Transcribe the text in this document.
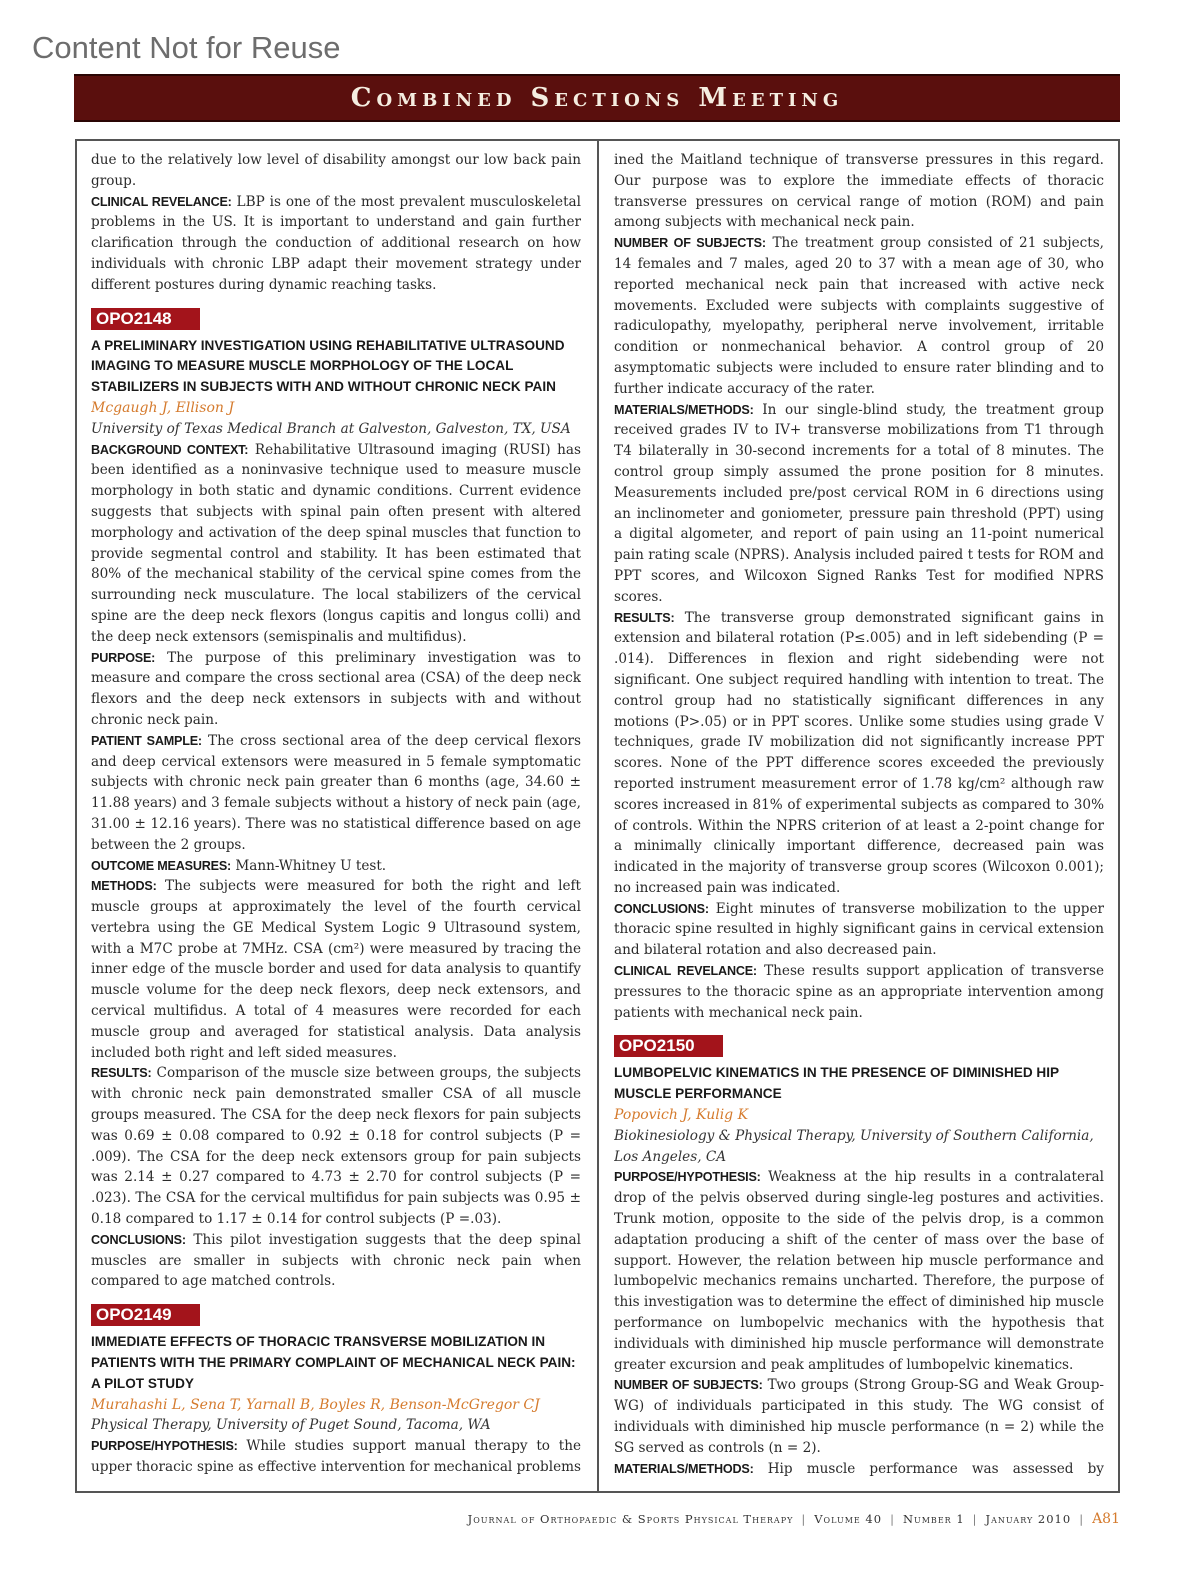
Content Not for Reuse
Combined Sections Meeting

due to the relatively low level of disability amongst our low back pain group.

CLINICAL REVELANCE: LBP is one of the most prevalent musculoskeletal problems in the US. It is important to understand and gain further clarification through the conduction of additional research on how individuals with chronic LBP adapt their movement strategy under different postures during dynamic reaching tasks.

OPO2148

A PRELIMINARY INVESTIGATION USING REHABILITATIVE ULTRASOUND IMAGING TO MEASURE MUSCLE MORPHOLOGY OF THE LOCAL STABILIZERS IN SUBJECTS WITH AND WITHOUT CHRONIC NECK PAIN

Mcgaugh J, Ellison J

University of Texas Medical Branch at Galveston, Galveston, TX, USA

BACKGROUND CONTEXT: Rehabilitative Ultrasound imaging (RUSI) has been identified as a noninvasive technique used to measure muscle morphology in both static and dynamic conditions. Current evidence suggests that subjects with spinal pain often present with altered morphology and activation of the deep spinal muscles that function to provide segmental control and stability. It has been estimated that 80% of the mechanical stability of the cervical spine comes from the surrounding neck musculature. The local stabilizers of the cervical spine are the deep neck flexors (longus capitis and longus colli) and the deep neck extensors (semispinalis and multifidus).

PURPOSE: The purpose of this preliminary investigation was to measure and compare the cross sectional area (CSA) of the deep neck flexors and the deep neck extensors in subjects with and without chronic neck pain.

PATIENT SAMPLE: The cross sectional area of the deep cervical flexors and deep cervical extensors were measured in 5 female symptomatic subjects with chronic neck pain greater than 6 months (age, 34.60 ± 11.88 years) and 3 female subjects without a history of neck pain (age, 31.00 ± 12.16 years). There was no statistical difference based on age between the 2 groups.

OUTCOME MEASURES: Mann-Whitney U test.

METHODS: The subjects were measured for both the right and left muscle groups at approximately the level of the fourth cervical vertebra using the GE Medical System Logic 9 Ultrasound system, with a M7C probe at 7MHz. CSA (cm²) were measured by tracing the inner edge of the muscle border and used for data analysis to quantify muscle volume for the deep neck flexors, deep neck extensors, and cervical multifidus. A total of 4 measures were recorded for each muscle group and averaged for statistical analysis. Data analysis included both right and left sided measures.

RESULTS: Comparison of the muscle size between groups, the subjects with chronic neck pain demonstrated smaller CSA of all muscle groups measured. The CSA for the deep neck flexors for pain subjects was 0.69 ± 0.08 compared to 0.92 ± 0.18 for control subjects (P = .009). The CSA for the deep neck extensors group for pain subjects was 2.14 ± 0.27 compared to 4.73 ± 2.70 for control subjects (P = .023). The CSA for the cervical multifidus for pain subjects was 0.95 ± 0.18 compared to 1.17 ± 0.14 for control subjects (P =.03).

CONCLUSIONS: This pilot investigation suggests that the deep spinal muscles are smaller in subjects with chronic neck pain when compared to age matched controls.

OPO2149

IMMEDIATE EFFECTS OF THORACIC TRANSVERSE MOBILIZATION IN PATIENTS WITH THE PRIMARY COMPLAINT OF MECHANICAL NECK PAIN: A PILOT STUDY

Murahashi L, Sena T, Yarnall B, Boyles R, Benson-McGregor CJ

Physical Therapy, University of Puget Sound, Tacoma, WA

PURPOSE/HYPOTHESIS: While studies support manual therapy to the upper thoracic spine as effective intervention for mechanical problems

ined the Maitland technique of transverse pressures in this regard. Our purpose was to explore the immediate effects of thoracic transverse pressures on cervical range of motion (ROM) and pain among subjects with mechanical neck pain.

NUMBER OF SUBJECTS: The treatment group consisted of 21 subjects, 14 females and 7 males, aged 20 to 37 with a mean age of 30, who reported mechanical neck pain that increased with active neck movements. Excluded were subjects with complaints suggestive of radiculopathy, myelopathy, peripheral nerve involvement, irritable condition or nonmechanical behavior. A control group of 20 asymptomatic subjects were included to ensure rater blinding and to further indicate accuracy of the rater.

MATERIALS/METHODS: In our single-blind study, the treatment group received grades IV to IV+ transverse mobilizations from T1 through T4 bilaterally in 30-second increments for a total of 8 minutes. The control group simply assumed the prone position for 8 minutes. Measurements included pre/post cervical ROM in 6 directions using an inclinometer and goniometer, pressure pain threshold (PPT) using a digital algometer, and report of pain using an 11-point numerical pain rating scale (NPRS). Analysis included paired t tests for ROM and PPT scores, and Wilcoxon Signed Ranks Test for modified NPRS scores.

RESULTS: The transverse group demonstrated significant gains in extension and bilateral rotation (P≤.005) and in left sidebending (P = .014). Differences in flexion and right sidebending were not significant. One subject required handling with intention to treat. The control group had no statistically significant differences in any motions (P>.05) or in PPT scores. Unlike some studies using grade V techniques, grade IV mobilization did not significantly increase PPT scores. None of the PPT difference scores exceeded the previously reported instrument measurement error of 1.78 kg/cm² although raw scores increased in 81% of experimental subjects as compared to 30% of controls. Within the NPRS criterion of at least a 2-point change for a minimally clinically important difference, decreased pain was indicated in the majority of transverse group scores (Wilcoxon 0.001); no increased pain was indicated.

CONCLUSIONS: Eight minutes of transverse mobilization to the upper thoracic spine resulted in highly significant gains in cervical extension and bilateral rotation and also decreased pain.

CLINICAL REVELANCE: These results support application of transverse pressures to the thoracic spine as an appropriate intervention among patients with mechanical neck pain.

OPO2150

LUMBOPELVIC KINEMATICS IN THE PRESENCE OF DIMINISHED HIP MUSCLE PERFORMANCE

Popovich J, Kulig K

Biokinesiology & Physical Therapy, University of Southern California, Los Angeles, CA

PURPOSE/HYPOTHESIS: Weakness at the hip results in a contralateral drop of the pelvis observed during single-leg postures and activities. Trunk motion, opposite to the side of the pelvis drop, is a common adaptation producing a shift of the center of mass over the base of support. However, the relation between hip muscle performance and lumbopelvic mechanics remains uncharted. Therefore, the purpose of this investigation was to determine the effect of diminished hip muscle performance on lumbopelvic mechanics with the hypothesis that individuals with diminished hip muscle performance will demonstrate greater excursion and peak amplitudes of lumbopelvic kinematics.

NUMBER OF SUBJECTS: Two groups (Strong Group-SG and Weak Group-WG) of individuals participated in this study. The WG consist of individuals with diminished hip muscle performance (n = 2) while the SG served as controls (n = 2).

MATERIALS/METHODS: Hip muscle performance was assessed by

Journal of Orthopaedic & Sports Physical Therapy | Volume 40 | Number 1 | January 2010 | A81
